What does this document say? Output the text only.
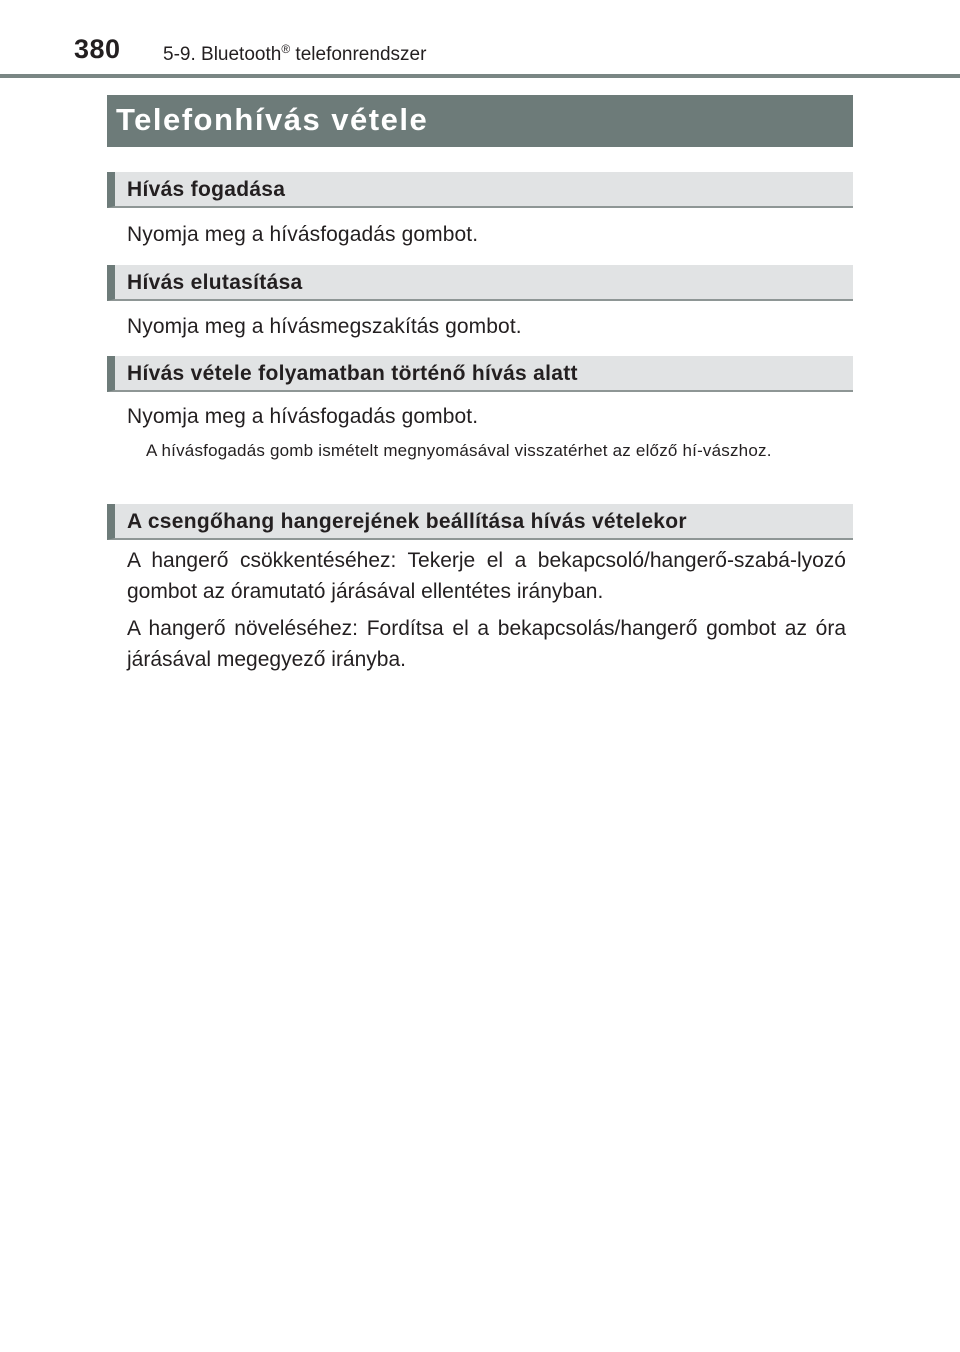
380 5-9. Bluetooth® telefonrendszer
Telefonhívás vétele
Hívás fogadása
Nyomja meg a hívásfogadás gombot.
Hívás elutasítása
Nyomja meg a hívásmegszakítás gombot.
Hívás vétele folyamatban történő hívás alatt
Nyomja meg a hívásfogadás gombot.
A hívásfogadás gomb ismételt megnyomásával visszatérhet az előző hí-vászhoz.
A csengőhang hangerejének beállítása hívás vételekor
A hangerő csökkentéséhez: Tekerje el a bekapcsoló/hangerő-szabá-lyozó gombot az óramutató járásával ellentétes irányban.
A hangerő növeléséhez: Fordítsa el a bekapcsolás/hangerő gombot az óra járásával megegyező irányba.
